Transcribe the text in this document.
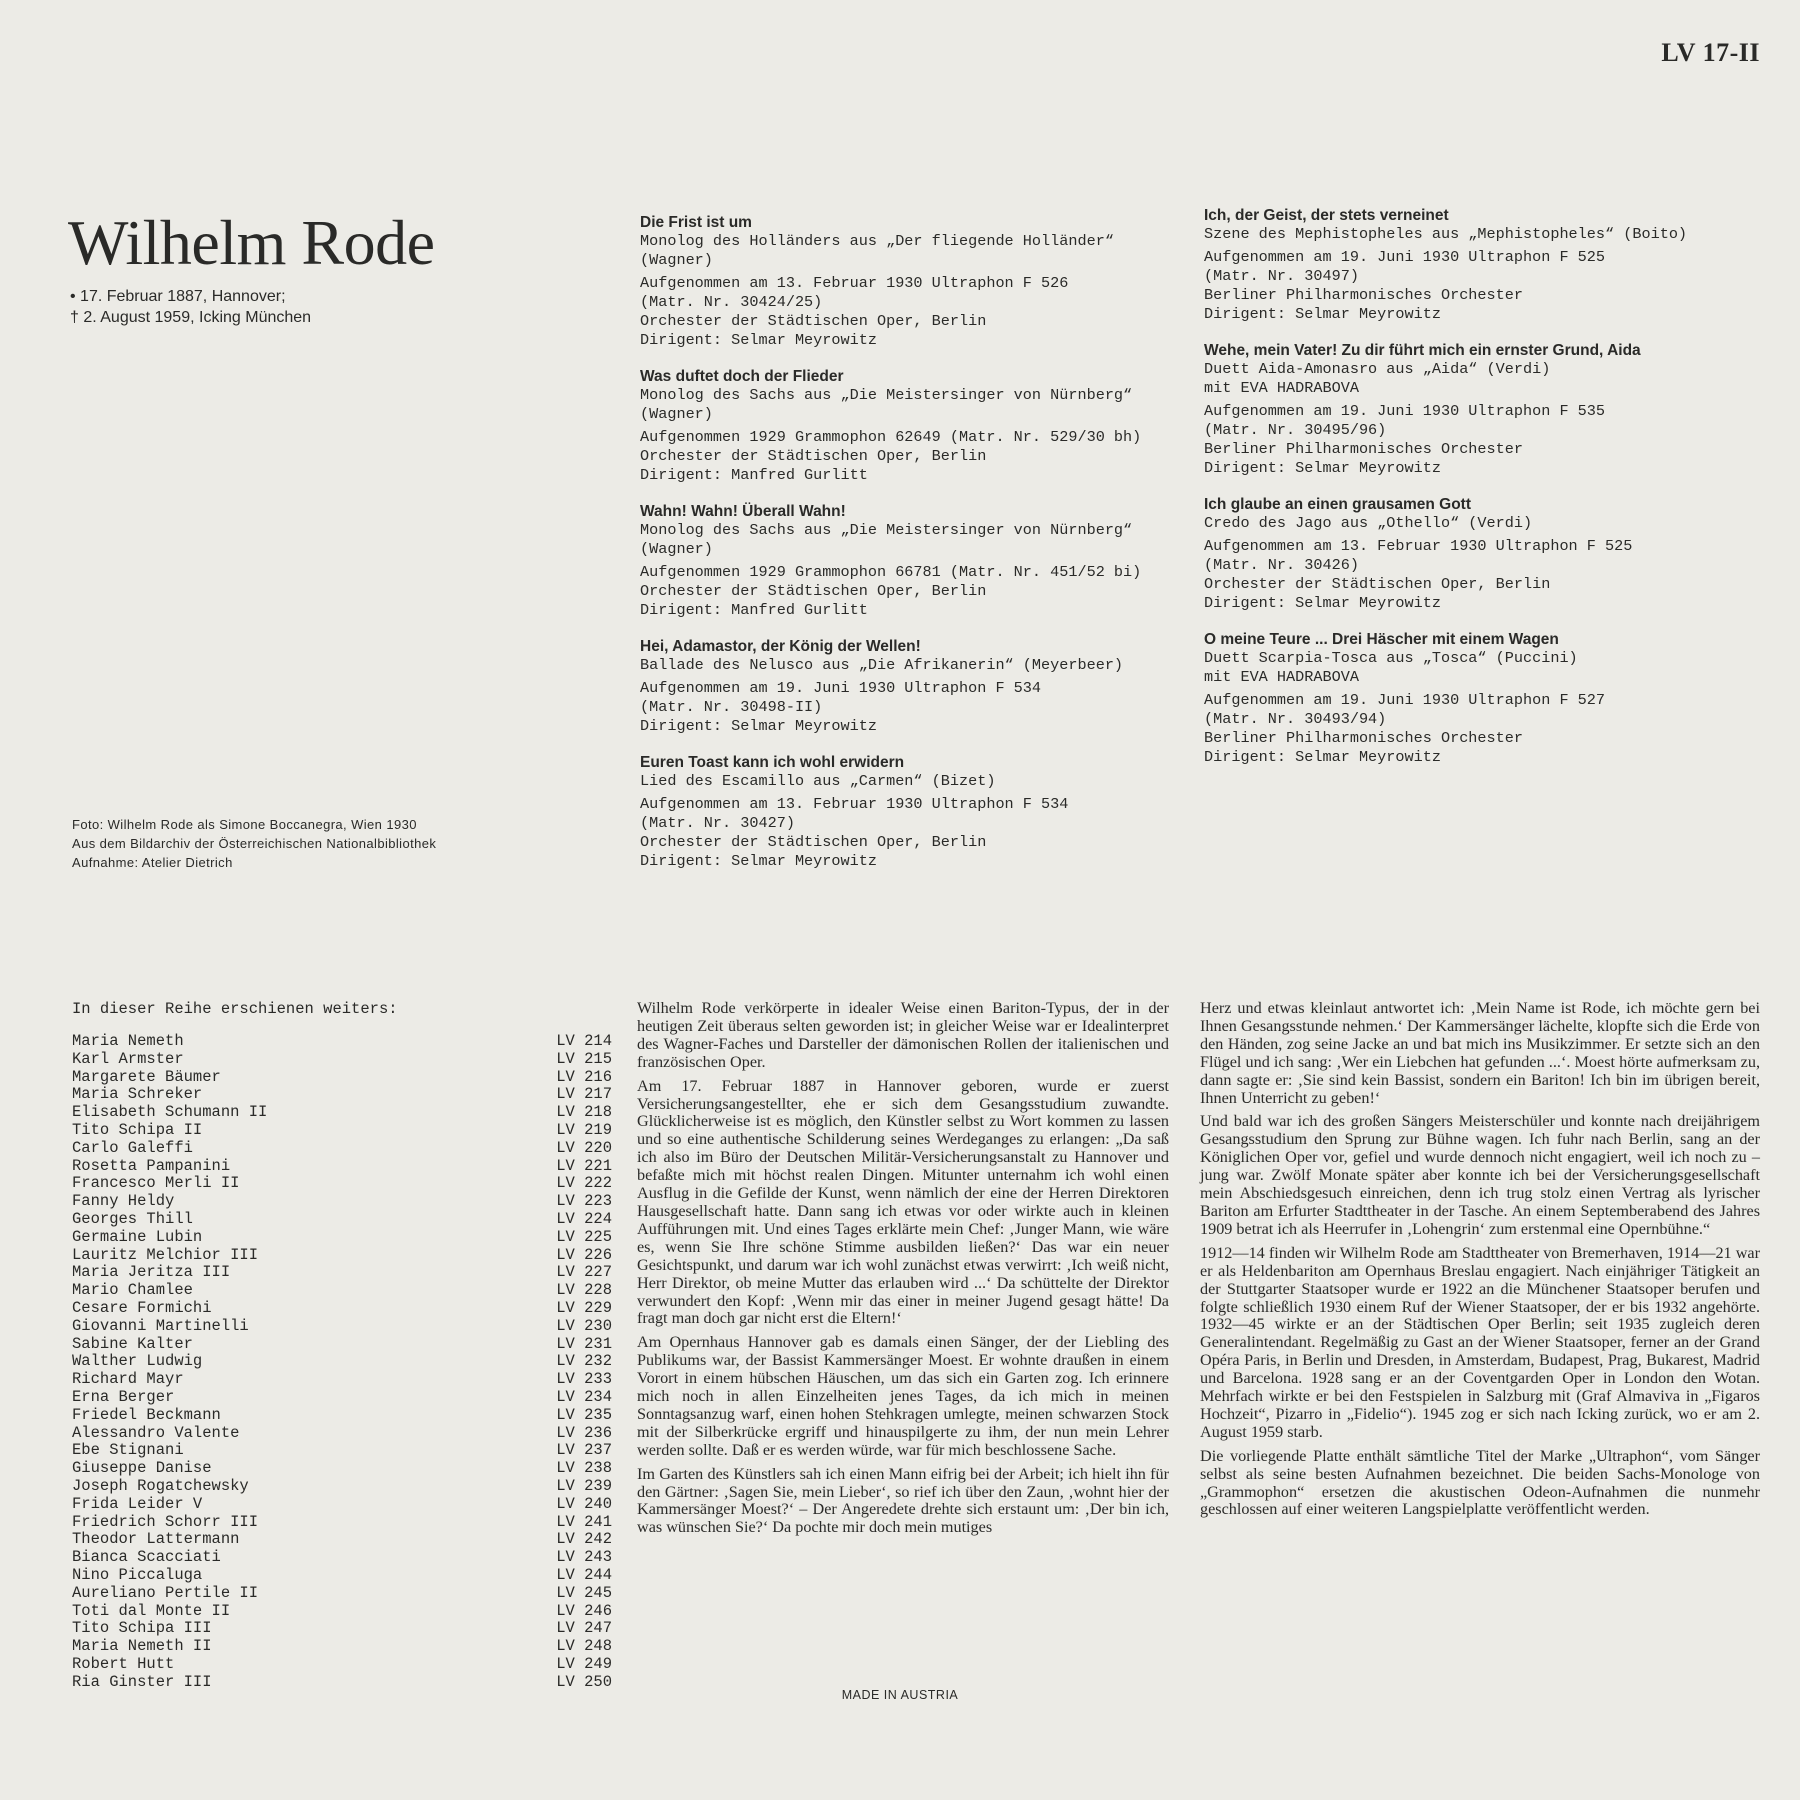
LV 17-II
Wilhelm Rode
• 17. Februar 1887, Hannover;
† 2. August 1959, Icking München
Foto: Wilhelm Rode als Simone Boccanegra, Wien 1930
Aus dem Bildarchiv der Österreichischen Nationalbibliothek
Aufnahme: Atelier Dietrich
Die Frist ist um
Monolog des Holländers aus „Der fliegende Holländer“
(Wagner)
Aufgenommen am 13. Februar 1930 Ultraphon F 526
(Matr. Nr. 30424/25)
Orchester der Städtischen Oper, Berlin
Dirigent: Selmar Meyrowitz
Was duftet doch der Flieder
Monolog des Sachs aus „Die Meistersinger von Nürnberg“
(Wagner)
Aufgenommen 1929 Grammophon 62649 (Matr. Nr. 529/30 bh)
Orchester der Städtischen Oper, Berlin
Dirigent: Manfred Gurlitt
Wahn! Wahn! Überall Wahn!
Monolog des Sachs aus „Die Meistersinger von Nürnberg“
(Wagner)
Aufgenommen 1929 Grammophon 66781 (Matr. Nr. 451/52 bi)
Orchester der Städtischen Oper, Berlin
Dirigent: Manfred Gurlitt
Hei, Adamastor, der König der Wellen!
Ballade des Nelusco aus „Die Afrikanerin“ (Meyerbeer)
Aufgenommen am 19. Juni 1930 Ultraphon F 534
(Matr. Nr. 30498-II)
Dirigent: Selmar Meyrowitz
Euren Toast kann ich wohl erwidern
Lied des Escamillo aus „Carmen“ (Bizet)
Aufgenommen am 13. Februar 1930 Ultraphon F 534
(Matr. Nr. 30427)
Orchester der Städtischen Oper, Berlin
Dirigent: Selmar Meyrowitz
Ich, der Geist, der stets verneinet
Szene des Mephistopheles aus „Mephistopheles“ (Boito)
Aufgenommen am 19. Juni 1930 Ultraphon F 525
(Matr. Nr. 30497)
Berliner Philharmonisches Orchester
Dirigent: Selmar Meyrowitz
Wehe, mein Vater! Zu dir führt mich ein ernster Grund, Aida
Duett Aida-Amonasro aus „Aida“ (Verdi)
mit EVA HADRABOVA
Aufgenommen am 19. Juni 1930 Ultraphon F 535
(Matr. Nr. 30495/96)
Berliner Philharmonisches Orchester
Dirigent: Selmar Meyrowitz
Ich glaube an einen grausamen Gott
Credo des Jago aus „Othello“ (Verdi)
Aufgenommen am 13. Februar 1930 Ultraphon F 525
(Matr. Nr. 30426)
Orchester der Städtischen Oper, Berlin
Dirigent: Selmar Meyrowitz
O meine Teure ... Drei Häscher mit einem Wagen
Duett Scarpia-Tosca aus „Tosca“ (Puccini)
mit EVA HADRABOVA
Aufgenommen am 19. Juni 1930 Ultraphon F 527
(Matr. Nr. 30493/94)
Berliner Philharmonisches Orchester
Dirigent: Selmar Meyrowitz
In dieser Reihe erschienen weiters:
Maria Nemeth	LV 214
Karl Armster	LV 215
Margarete Bäumer	LV 216
Maria Schreker	LV 217
Elisabeth Schumann II	LV 218
Tito Schipa II	LV 219
Carlo Galeffi	LV 220
Rosetta Pampanini	LV 221
Francesco Merli II	LV 222
Fanny Heldy	LV 223
Georges Thill	LV 224
Germaine Lubin	LV 225
Lauritz Melchior III	LV 226
Maria Jeritza III	LV 227
Mario Chamlee	LV 228
Cesare Formichi	LV 229
Giovanni Martinelli	LV 230
Sabine Kalter	LV 231
Walther Ludwig	LV 232
Richard Mayr	LV 233
Erna Berger	LV 234
Friedel Beckmann	LV 235
Alessandro Valente	LV 236
Ebe Stignani	LV 237
Giuseppe Danise	LV 238
Joseph Rogatchewsky	LV 239
Frida Leider V	LV 240
Friedrich Schorr III	LV 241
Theodor Lattermann	LV 242
Bianca Scacciati	LV 243
Nino Piccaluga	LV 244
Aureliano Pertile II	LV 245
Toti dal Monte II	LV 246
Tito Schipa III	LV 247
Maria Nemeth II	LV 248
Robert Hutt	LV 249
Ria Ginster III	LV 250

Wilhelm Rode verkörperte in idealer Weise einen Bariton-Typus, der in der heutigen Zeit überaus selten geworden ist; in gleicher Weise war er Idealinterpret des Wagner-Faches und Darsteller der dämonischen Rollen der italienischen und französischen Oper.

Am 17. Februar 1887 in Hannover geboren, wurde er zuerst Versicherungsangestellter, ehe er sich dem Gesangsstudium zuwandte. Glücklicherweise ist es möglich, den Künstler selbst zu Wort kommen zu lassen und so eine authentische Schilderung seines Werdeganges zu erlangen: „Da saß ich also im Büro der Deutschen Militär-Versicherungsanstalt zu Hannover und befaßte mich mit höchst realen Dingen. Mitunter unternahm ich wohl einen Ausflug in die Gefilde der Kunst, wenn nämlich der eine der Herren Direktoren Hausgesellschaft hatte. Dann sang ich etwas vor oder wirkte auch in kleinen Aufführungen mit. Und eines Tages erklärte mein Chef: ‚Junger Mann, wie wäre es, wenn Sie Ihre schöne Stimme ausbilden ließen?‘ Das war ein neuer Gesichtspunkt, und darum war ich wohl zunächst etwas verwirrt: ‚Ich weiß nicht, Herr Direktor, ob meine Mutter das erlauben wird ...‘ Da schüttelte der Direktor verwundert den Kopf: ‚Wenn mir das einer in meiner Jugend gesagt hätte! Da fragt man doch gar nicht erst die Eltern!‘

Am Opernhaus Hannover gab es damals einen Sänger, der der Liebling des Publikums war, der Bassist Kammersänger Moest. Er wohnte draußen in einem Vorort in einem hübschen Häuschen, um das sich ein Garten zog. Ich erinnere mich noch in allen Einzelheiten jenes Tages, da ich mich in meinen Sonntagsanzug warf, einen hohen Stehkragen umlegte, meinen schwarzen Stock mit der Silberkrücke ergriff und hinauspilgerte zu ihm, der nun mein Lehrer werden sollte. Daß er es werden würde, war für mich beschlossene Sache.

Im Garten des Künstlers sah ich einen Mann eifrig bei der Arbeit; ich hielt ihn für den Gärtner: ‚Sagen Sie, mein Lieber‘, so rief ich über den Zaun, ‚wohnt hier der Kammersänger Moest?‘ – Der Angeredete drehte sich erstaunt um: ‚Der bin ich, was wünschen Sie?‘ Da pochte mir doch mein mutiges

Herz und etwas kleinlaut antwortet ich: ‚Mein Name ist Rode, ich möchte gern bei Ihnen Gesangsstunde nehmen.‘ Der Kammersänger lächelte, klopfte sich die Erde von den Händen, zog seine Jacke an und bat mich ins Musikzimmer. Er setzte sich an den Flügel und ich sang: ‚Wer ein Liebchen hat gefunden ...‘. Moest hörte aufmerksam zu, dann sagte er: ‚Sie sind kein Bassist, sondern ein Bariton! Ich bin im übrigen bereit, Ihnen Unterricht zu geben!‘

Und bald war ich des großen Sängers Meisterschüler und konnte nach dreijährigem Gesangsstudium den Sprung zur Bühne wagen. Ich fuhr nach Berlin, sang an der Königlichen Oper vor, gefiel und wurde dennoch nicht engagiert, weil ich noch zu – jung war. Zwölf Monate später aber konnte ich bei der Versicherungsgesellschaft mein Abschiedsgesuch einreichen, denn ich trug stolz einen Vertrag als lyrischer Bariton am Erfurter Stadttheater in der Tasche. An einem Septemberabend des Jahres 1909 betrat ich als Heerrufer in ‚Lohengrin‘ zum erstenmal eine Opernbühne.“

1912—14 finden wir Wilhelm Rode am Stadttheater von Bremerhaven, 1914—21 war er als Heldenbariton am Opernhaus Breslau engagiert. Nach einjähriger Tätigkeit an der Stuttgarter Staatsoper wurde er 1922 an die Münchener Staatsoper berufen und folgte schließlich 1930 einem Ruf der Wiener Staatsoper, der er bis 1932 angehörte. 1932—45 wirkte er an der Städtischen Oper Berlin; seit 1935 zugleich deren Generalintendant. Regelmäßig zu Gast an der Wiener Staatsoper, ferner an der Grand Opéra Paris, in Berlin und Dresden, in Amsterdam, Budapest, Prag, Bukarest, Madrid und Barcelona. 1928 sang er an der Coventgarden Oper in London den Wotan. Mehrfach wirkte er bei den Festspielen in Salzburg mit (Graf Almaviva in „Figaros Hochzeit“, Pizarro in „Fidelio“). 1945 zog er sich nach Icking zurück, wo er am 2. August 1959 starb.

Die vorliegende Platte enthält sämtliche Titel der Marke „Ultraphon“, vom Sänger selbst als seine besten Aufnahmen bezeichnet. Die beiden Sachs-Monologe von „Grammophon“ ersetzen die akustischen Odeon-Aufnahmen die nunmehr geschlossen auf einer weiteren Langspielplatte veröffentlicht werden.

MADE IN AUSTRIA
